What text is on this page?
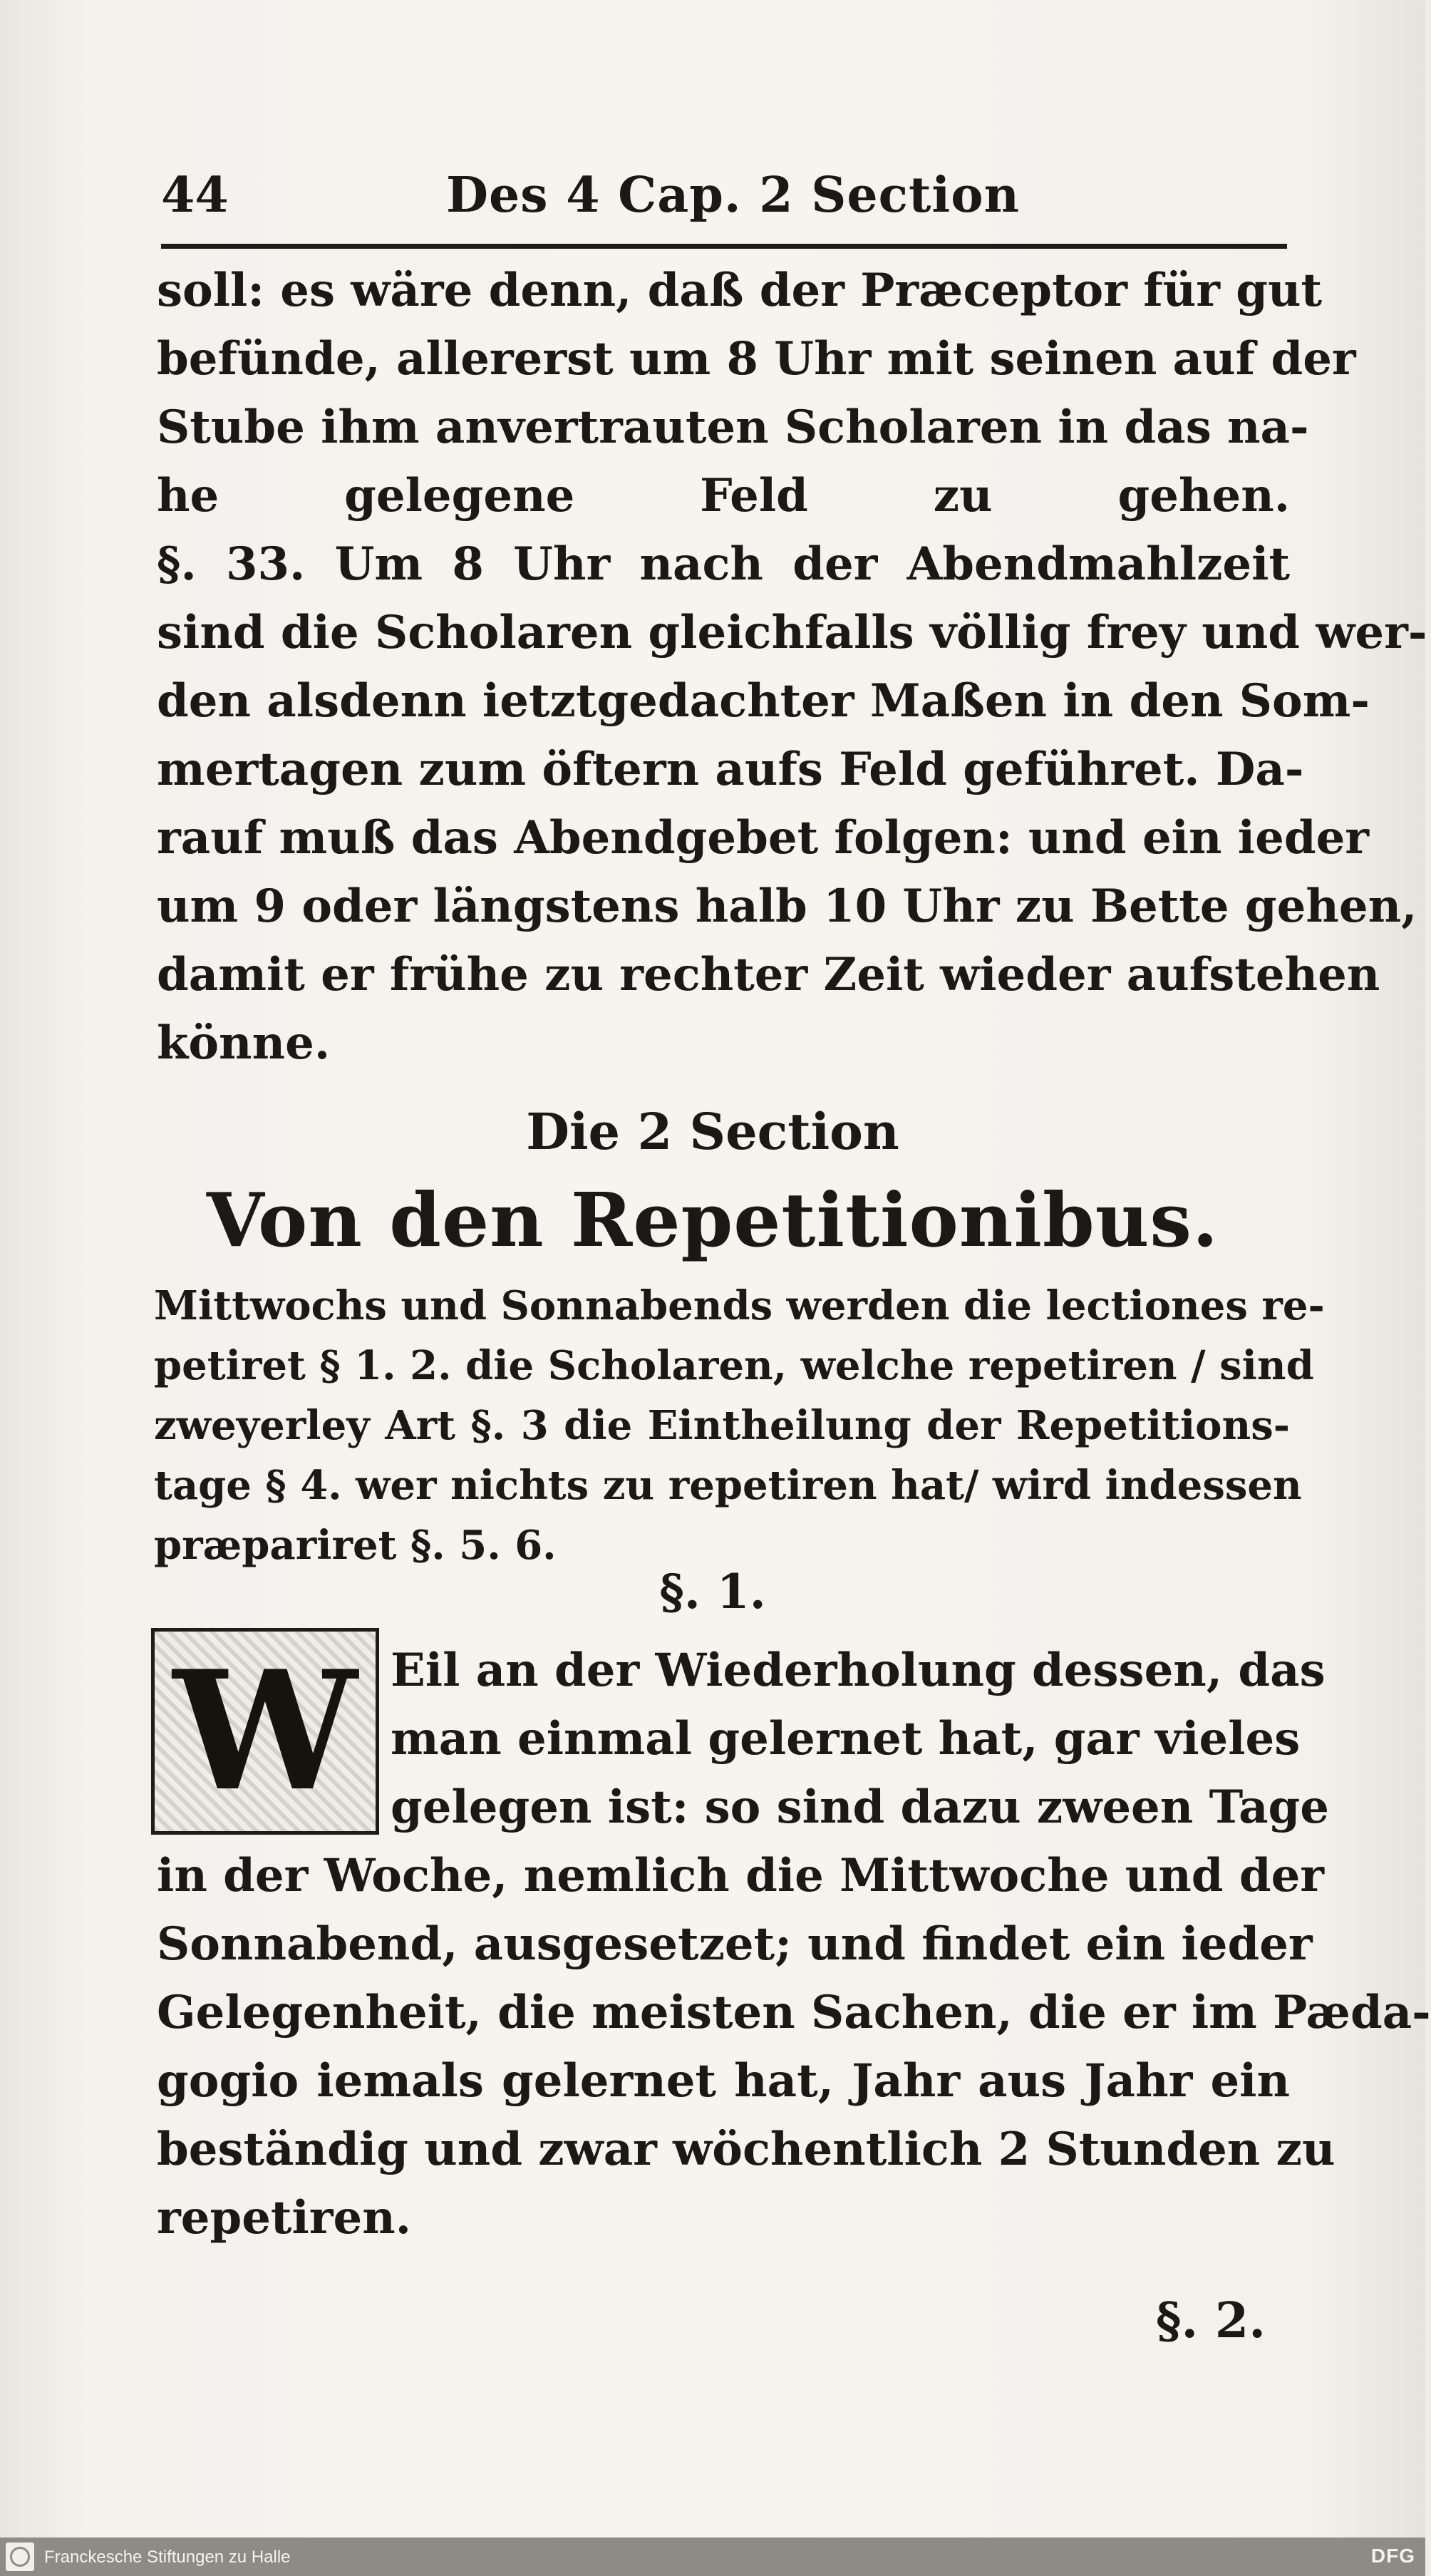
44	Des 4 Cap. 2 Section
soll: es wäre denn, daß der Præceptor für gut
befünde, allererst um 8 Uhr mit seinen auf der
Stube ihm anvertrauten Scholaren in das na-
he gelegene Feld zu gehen.
§. 33. Um 8 Uhr nach der Abendmahlzeit
sind die Scholaren gleichfalls völlig frey und wer-
den alsdenn ietztgedachter Maßen in den Som-
mertagen zum öftern aufs Feld geführet. Da-
rauf muß das Abendgebet folgen: und ein ieder
um 9 oder längstens halb 10 Uhr zu Bette gehen,
damit er frühe zu rechter Zeit wieder aufstehen
könne.
Die 2 Section
Von den Repetitionibus.
Mittwochs und Sonnabends werden die lectiones re-
petiret § 1. 2. die Scholaren, welche repetiren / sind
zweyerley Art §. 3 die Eintheilung der Repetitions-
tage § 4. wer nichts zu repetiren hat/ wird indessen
præpariret §. 5. 6.
§. 1.
W Eil an der Wiederholung dessen, das
man einmal gelernet hat, gar vieles
gelegen ist: so sind dazu zween Tage
in der Woche, nemlich die Mittwoche und der
Sonnabend, ausgesetzet; und findet ein ieder
Gelegenheit, die meisten Sachen, die er im Pæda-
gogio iemals gelernet hat, Jahr aus Jahr ein
beständig und zwar wöchentlich 2 Stunden zu
repetiren.
§. 2.
Franckesche Stiftungen zu Halle	DFG
